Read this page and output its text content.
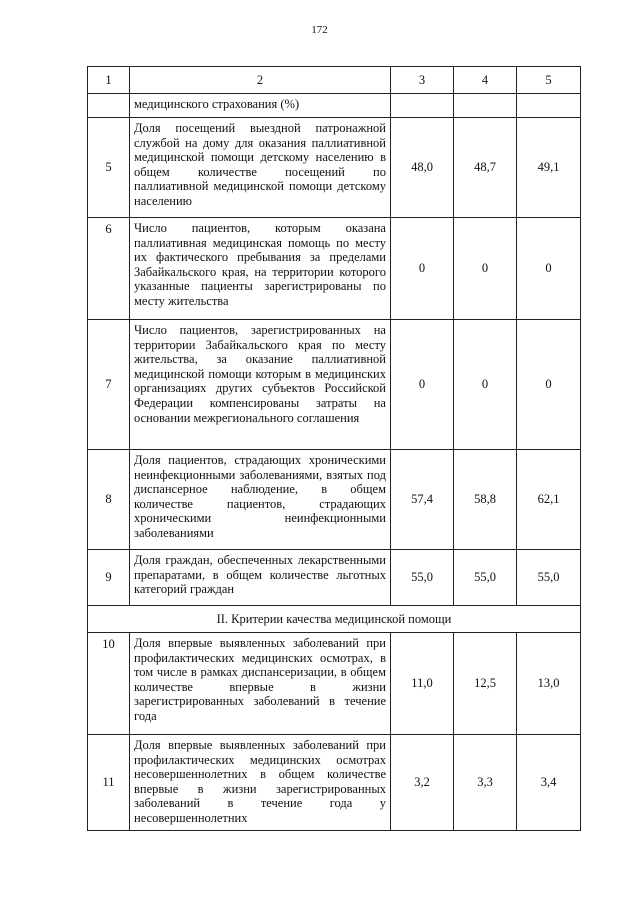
172
1	2	3	4	5
	медицинского страхования (%)			
5	Доля посещений выездной патронажной службой на дому для оказания паллиативной медицинской помощи детскому населению в общем количестве посещений по паллиативной медицинской помощи детскому населению	48,0	48,7	49,1
6	Число пациентов, которым оказана паллиативная медицинская помощь по месту их фактического пребывания за пределами Забайкальского края, на территории которого указанные пациенты зарегистрированы по месту жительства	0	0	0
7	Число пациентов, зарегистрированных на территории Забайкальского края по месту жительства, за оказание паллиативной медицинской помощи которым в медицинских организациях других субъектов Российской Федерации компенсированы затраты на основании межрегионального соглашения	0	0	0
8	Доля пациентов, страдающих хроническими неинфекционными заболеваниями, взятых под диспансерное наблюдение, в общем количестве пациентов, страдающих хроническими неинфекционными заболеваниями	57,4	58,8	62,1
9	Доля граждан, обеспеченных лекарственными препаратами, в общем количестве льготных категорий граждан	55,0	55,0	55,0
II. Критерии качества медицинской помощи				
10	Доля впервые выявленных заболеваний при профилактических медицинских осмотрах, в том числе в рамках диспансеризации, в общем количестве впервые в жизни зарегистрированных заболеваний в течение года	11,0	12,5	13,0
11	Доля впервые выявленных заболеваний при профилактических медицинских осмотрах несовершеннолетних в общем количестве впервые в жизни зарегистрированных заболеваний в течение года у несовершеннолетних	3,2	3,3	3,4
